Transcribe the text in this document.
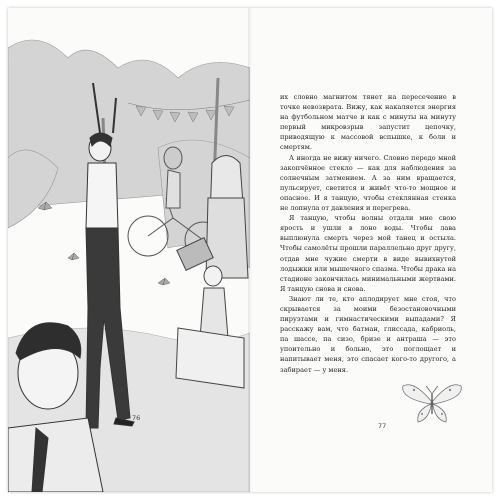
76

их словно магнитом тянет на пересечение в точке невозврата. Вижу, как накаляется энергия на футбольном матче и как с минуты на минуту первый микровзрыв запустит цепочку, приводящую к массовой вспышке, к боли и смертям.

А иногда не вижу ничего. Словно передо мной закопчённое стекло — как для наблюдения за солнечным затмением. А за ним вращается, пульсирует, светится и живёт что-то мощное и опасное. И я танцую, чтобы стеклянная стенка не лопнула от давления и перегрева.

Я танцую, чтобы волны отдали мне свою ярость и ушли в лоно воды. Чтобы лава выплюнула смерть через мой танец и остыла. Чтобы самолёты прошли параллельно друг другу, отдав мне чужие смерти в виде вывихнутой лодыжки или мышечного спазма. Чтобы драка на стадионе закончилась минимальными жертвами. Я танцую снова и снова.

Знают ли те, кто аплодирует мне стоя, что скрывается за моими безостановочными пируэтами и гимнастическими выпадами? Я расскажу вам, что батман, глиссада, кабриоль, па шассе, па сизо, бризе и антраша — это упоительно и больно, это поглощает и напитывает меня, это спасает кого-то другого, а забирает — у меня.

77
